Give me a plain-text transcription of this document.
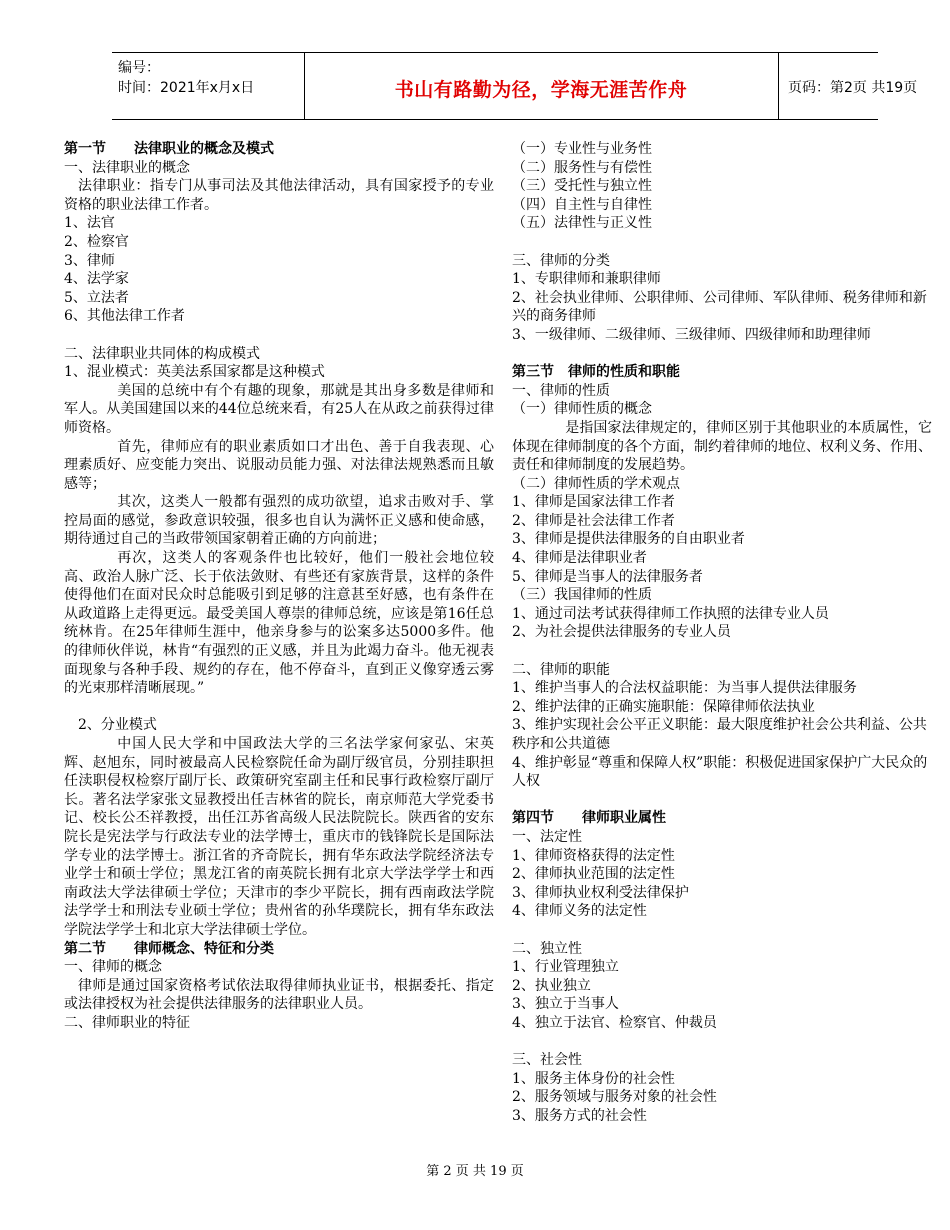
编号：
时间：2021年x月x日	书山有路勤为径，学海无涯苦作舟	页码：第2页 共19页

第一节　　法律职业的概念及模式

一、法律职业的概念

法律职业：指专门从事司法及其他法律活动，具有国家授予的专业资格的职业法律工作者。

1、法官

2、检察官

3、律师

4、法学家

5、立法者

6、其他法律工作者

二、法律职业共同体的构成模式

1、混业模式：英美法系国家都是这种模式

美国的总统中有个有趣的现象，那就是其出身多数是律师和军人。从美国建国以来的44位总统来看，有25人在从政之前获得过律师资格。

首先，律师应有的职业素质如口才出色、善于自我表现、心理素质好、应变能力突出、说服动员能力强、对法律法规熟悉而且敏感等；

其次，这类人一般都有强烈的成功欲望，追求击败对手、掌控局面的感觉，参政意识较强，很多也自认为满怀正义感和使命感，期待通过自己的当政带领国家朝着正确的方向前进；

再次，这类人的客观条件也比较好，他们一般社会地位较高、政治人脉广泛、长于依法敛财、有些还有家族背景，这样的条件使得他们在面对民众时总能吸引到足够的注意甚至好感，也有条件在从政道路上走得更远。最受美国人尊崇的律师总统，应该是第16任总统林肯。在25年律师生涯中，他亲身参与的讼案多达5000多件。他的律师伙伴说，林肯“有强烈的正义感，并且为此竭力奋斗。他无视表面现象与各种手段、规约的存在，他不停奋斗，直到正义像穿透云雾的光束那样清晰展现。”

2、分业模式

中国人民大学和中国政法大学的三名法学家何家弘、宋英辉、赵旭东，同时被最高人民检察院任命为副厅级官员，分别挂职担任渎职侵权检察厅副厅长、政策研究室副主任和民事行政检察厅副厅长。著名法学家张文显教授出任吉林省的院长，南京师范大学党委书记、校长公丕祥教授，出任江苏省高级人民法院院长。陕西省的安东院长是宪法学与行政法专业的法学博士，重庆市的钱锋院长是国际法学专业的法学博士。浙江省的齐奇院长，拥有华东政法学院经济法专业学士和硕士学位；黑龙江省的南英院长拥有北京大学法学学士和西南政法大学法律硕士学位；天津市的李少平院长，拥有西南政法学院法学学士和刑法专业硕士学位；贵州省的孙华璞院长，拥有华东政法学院法学学士和北京大学法律硕士学位。

第二节　　律师概念、特征和分类

一、律师的概念

律师是通过国家资格考试依法取得律师执业证书，根据委托、指定或法律授权为社会提供法律服务的法律职业人员。

二、律师职业的特征

（一）专业性与业务性

（二）服务性与有偿性

（三）受托性与独立性

（四）自主性与自律性

（五）法律性与正义性

三、律师的分类

1、专职律师和兼职律师

2、社会执业律师、公职律师、公司律师、军队律师、税务律师和新兴的商务律师

3、一级律师、二级律师、三级律师、四级律师和助理律师

第三节　律师的性质和职能

一、律师的性质

（一）律师性质的概念

是指国家法律规定的，律师区别于其他职业的本质属性，它体现在律师制度的各个方面，制约着律师的地位、权利义务、作用、责任和律师制度的发展趋势。

（二）律师性质的学术观点

1、律师是国家法律工作者

2、律师是社会法律工作者

3、律师是提供法律服务的自由职业者

4、律师是法律职业者

5、律师是当事人的法律服务者

（三）我国律师的性质

1、通过司法考试获得律师工作执照的法律专业人员

2、为社会提供法律服务的专业人员

二、律师的职能

1、维护当事人的合法权益职能：为当事人提供法律服务

2、维护法律的正确实施职能：保障律师依法执业

3、维护实现社会公平正义职能：最大限度维护社会公共利益、公共秩序和公共道德

4、维护彰显“尊重和保障人权”职能：积极促进国家保护广大民众的人权

第四节　　律师职业属性

一、法定性

1、律师资格获得的法定性

2、律师执业范围的法定性

3、律师执业权利受法律保护

4、律师义务的法定性

二、独立性

1、行业管理独立

2、执业独立

3、独立于当事人

4、独立于法官、检察官、仲裁员

三、社会性

1、服务主体身份的社会性

2、服务领域与服务对象的社会性

3、服务方式的社会性

第 2 页 共 19 页
